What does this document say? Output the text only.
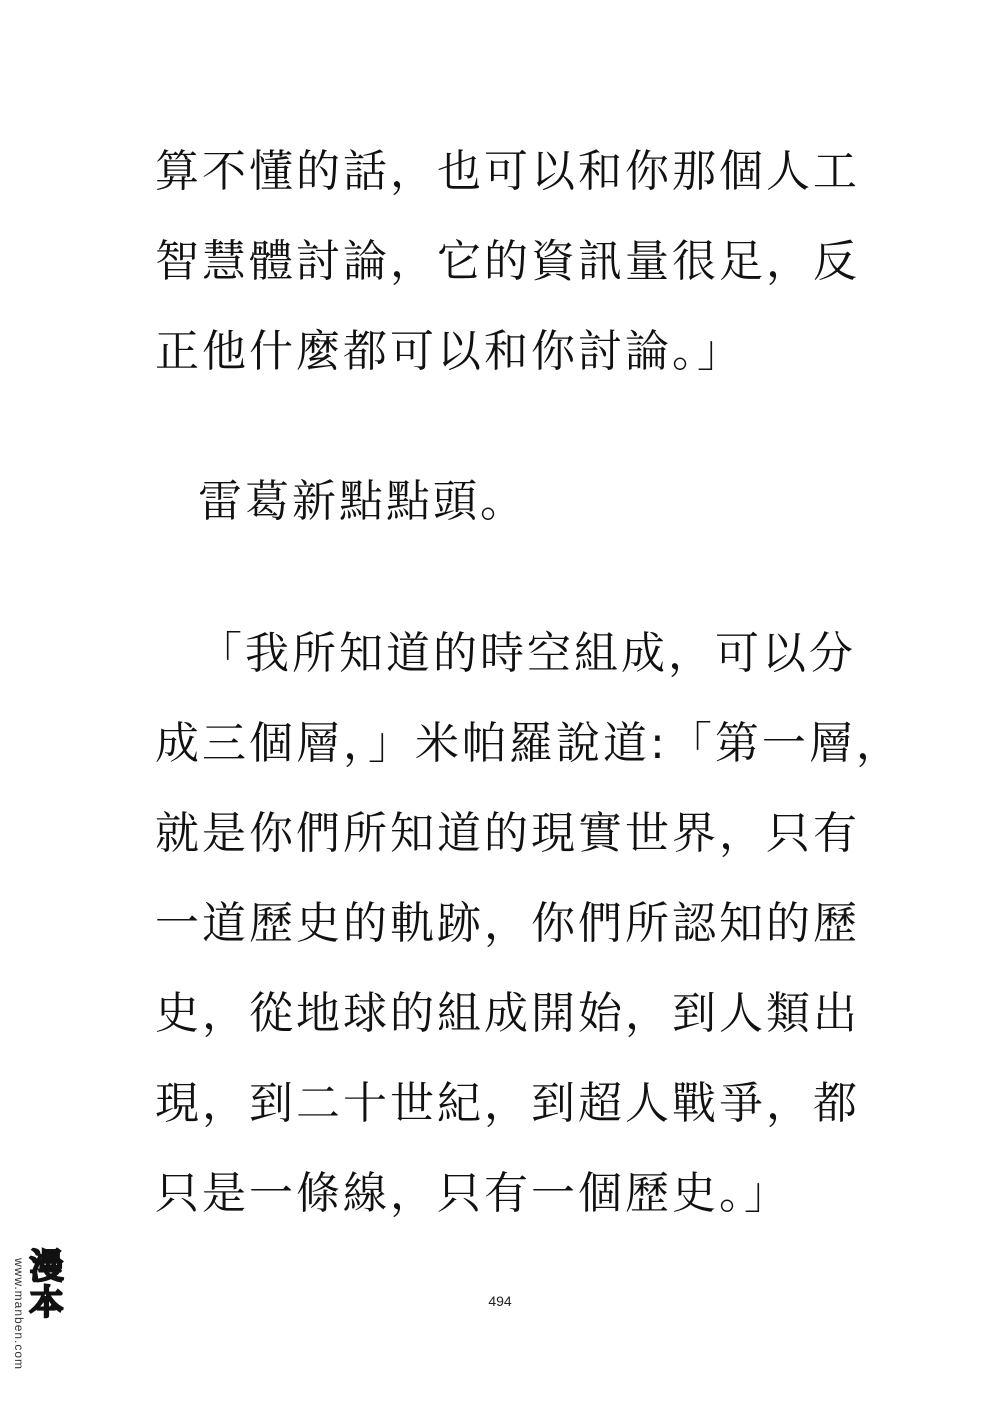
算不懂的話，也可以和你那個人工
智慧體討論，它的資訊量很足，反
正他什麼都可以和你討論。」
雷葛新點點頭。
「我所知道的時空組成，可以分
成三個層，」米帕羅說道:「第一層，
就是你們所知道的現實世界，只有
一道歷史的軌跡，你們所認知的歷
史，從地球的組成開始，到人類出
現，到二十世紀，到超人戰爭，都
只是一條線，只有一個歷史。」
494
www.manben.com
漫本
